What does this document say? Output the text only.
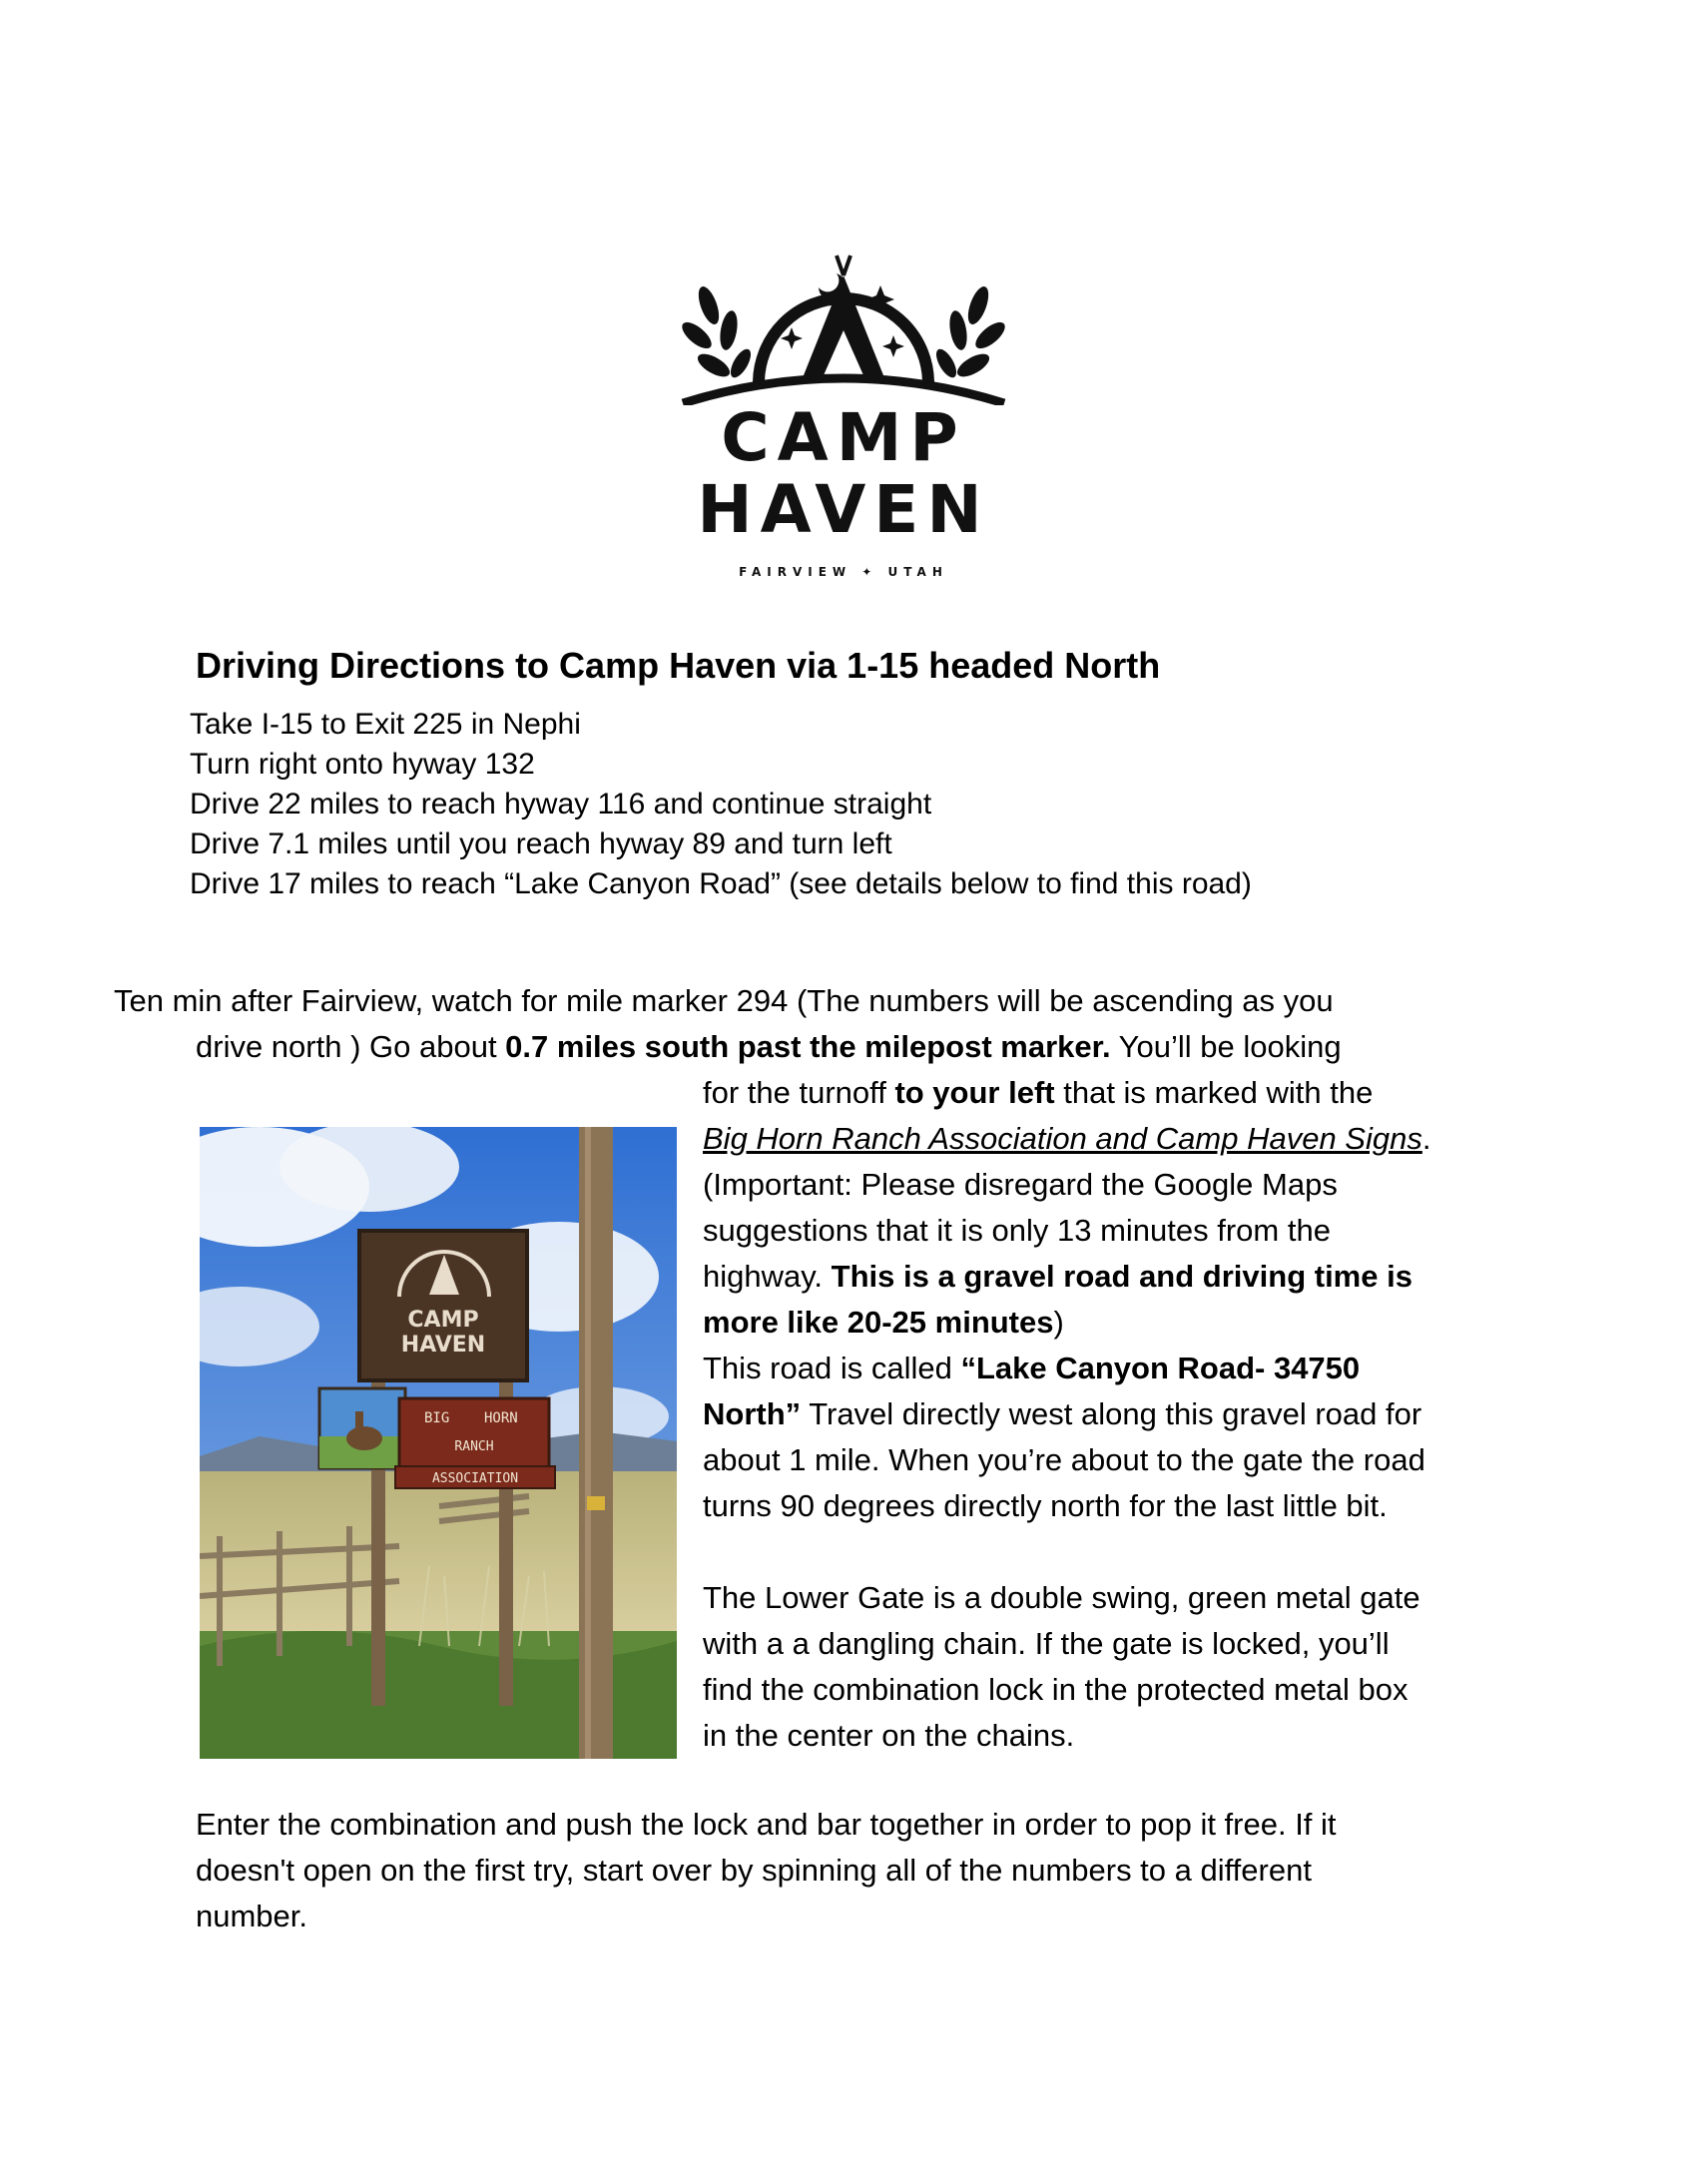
CAMP
HAVEN
FAIRVIEW ✦ UTAH
Driving Directions to Camp Haven via 1-15 headed North
Take I-15 to Exit 225 in Nephi
Turn right onto hyway 132
Drive 22 miles to reach hyway 116 and continue straight
Drive 7.1 miles until you reach hyway 89 and turn left
Drive 17 miles to reach “Lake Canyon Road” (see details below to find this road)
Ten min after Fairview, watch for mile marker 294 (The numbers will be ascending as you
drive north ) Go about 0.7 miles south past the milepost marker. You’ll be looking
for the turnoff to your left that is marked with the
Big Horn Ranch Association and Camp Haven Signs.
(Important: Please disregard the Google Maps
suggestions that it is only 13 minutes from the
highway. This is a gravel road and driving time is
more like 20-25 minutes)
This road is called “Lake Canyon Road- 34750
North” Travel directly west along this gravel road for
about 1 mile. When you’re about to the gate the road
turns 90 degrees directly north for the last little bit.
The Lower Gate is a double swing, green metal gate
with a a dangling chain. If the gate is locked, you’ll
find the combination lock in the protected metal box
in the center on the chains.
CAMP
HAVEN
BIG HORN
RANCH
ASSOCIATION
Enter the combination and push the lock and bar together in order to pop it free. If it
doesn't open on the first try, start over by spinning all of the numbers to a different
number.
